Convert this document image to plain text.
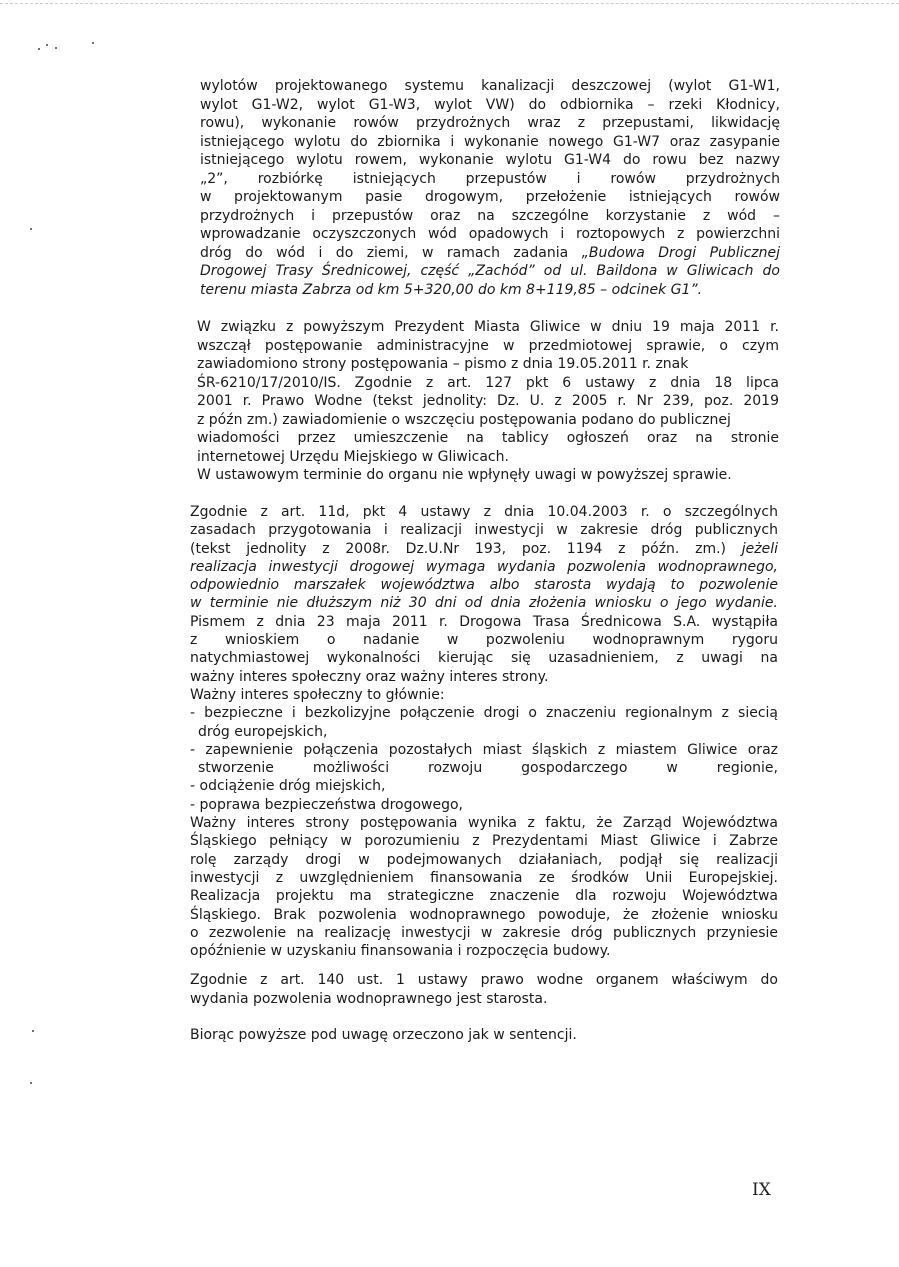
wylotów projektowanego systemu kanalizacji deszczowej (wylot G1-W1,
wylot G1-W2, wylot G1-W3, wylot VW) do odbiornika – rzeki Kłodnicy,
rowu), wykonanie rowów przydrożnych wraz z przepustami, likwidację
istniejącego wylotu do zbiornika i wykonanie nowego G1-W7 oraz zasypanie
istniejącego wylotu rowem, wykonanie wylotu G1-W4 do rowu bez nazwy
„2”, rozbiórkę istniejących przepustów i rowów przydrożnych
w projektowanym pasie drogowym, przełożenie istniejących rowów
przydrożnych i przepustów oraz na szczególne korzystanie z wód –
wprowadzanie oczyszczonych wód opadowych i roztopowych z powierzchni
dróg do wód i do ziemi, w ramach zadania „Budowa Drogi Publicznej
Drogowej Trasy Średnicowej, część „Zachód” od ul. Baildona w Gliwicach do
terenu miasta Zabrza od km 5+320,00 do km 8+119,85 – odcinek G1”.
W związku z powyższym Prezydent Miasta Gliwice w dniu 19 maja 2011 r.
wszczął postępowanie administracyjne w przedmiotowej sprawie, o czym
zawiadomiono strony postępowania – pismo z dnia 19.05.2011 r. znak
ŚR-6210/17/2010/IS. Zgodnie z art. 127 pkt 6 ustawy z dnia 18 lipca
2001 r. Prawo Wodne (tekst jednolity: Dz. U. z 2005 r. Nr 239, poz. 2019
z późn zm.) zawiadomienie o wszczęciu postępowania podano do publicznej
wiadomości przez umieszczenie na tablicy ogłoszeń oraz na stronie
internetowej Urzędu Miejskiego w Gliwicach.
W ustawowym terminie do organu nie wpłynęły uwagi w powyższej sprawie.
Zgodnie z art. 11d, pkt 4 ustawy z dnia 10.04.2003 r. o szczególnych
zasadach przygotowania i realizacji inwestycji w zakresie dróg publicznych
(tekst jednolity z 2008r. Dz.U.Nr 193, poz. 1194 z późn. zm.) jeżeli
realizacja inwestycji drogowej wymaga wydania pozwolenia wodnoprawnego,
odpowiednio marszałek województwa albo starosta wydają to pozwolenie
w terminie nie dłuższym niż 30 dni od dnia złożenia wniosku o jego wydanie.
Pismem z dnia 23 maja 2011 r. Drogowa Trasa Średnicowa S.A. wystąpiła
z wnioskiem o nadanie w pozwoleniu wodnoprawnym rygoru
natychmiastowej wykonalności kierując się uzasadnieniem, z uwagi na
ważny interes społeczny oraz ważny interes strony.
Ważny interes społeczny to głównie:
- bezpieczne i bezkolizyjne połączenie drogi o znaczeniu regionalnym z siecią
dróg europejskich,
- zapewnienie połączenia pozostałych miast śląskich z miastem Gliwice oraz
stworzenie możliwości rozwoju gospodarczego w regionie,
- odciążenie dróg miejskich,
- poprawa bezpieczeństwa drogowego,
Ważny interes strony postępowania wynika z faktu, że Zarząd Województwa
Śląskiego pełniący w porozumieniu z Prezydentami Miast Gliwice i Zabrze
rolę zarządy drogi w podejmowanych działaniach, podjął się realizacji
inwestycji z uwzględnieniem finansowania ze środków Unii Europejskiej.
Realizacja projektu ma strategiczne znaczenie dla rozwoju Województwa
Śląskiego. Brak pozwolenia wodnoprawnego powoduje, że złożenie wniosku
o zezwolenie na realizację inwestycji w zakresie dróg publicznych przyniesie
opóźnienie w uzyskaniu finansowania i rozpoczęcia budowy.
Zgodnie z art. 140 ust. 1 ustawy prawo wodne organem właściwym do
wydania pozwolenia wodnoprawnego jest starosta.
Biorąc powyższe pod uwagę orzeczono jak w sentencji.
IX
